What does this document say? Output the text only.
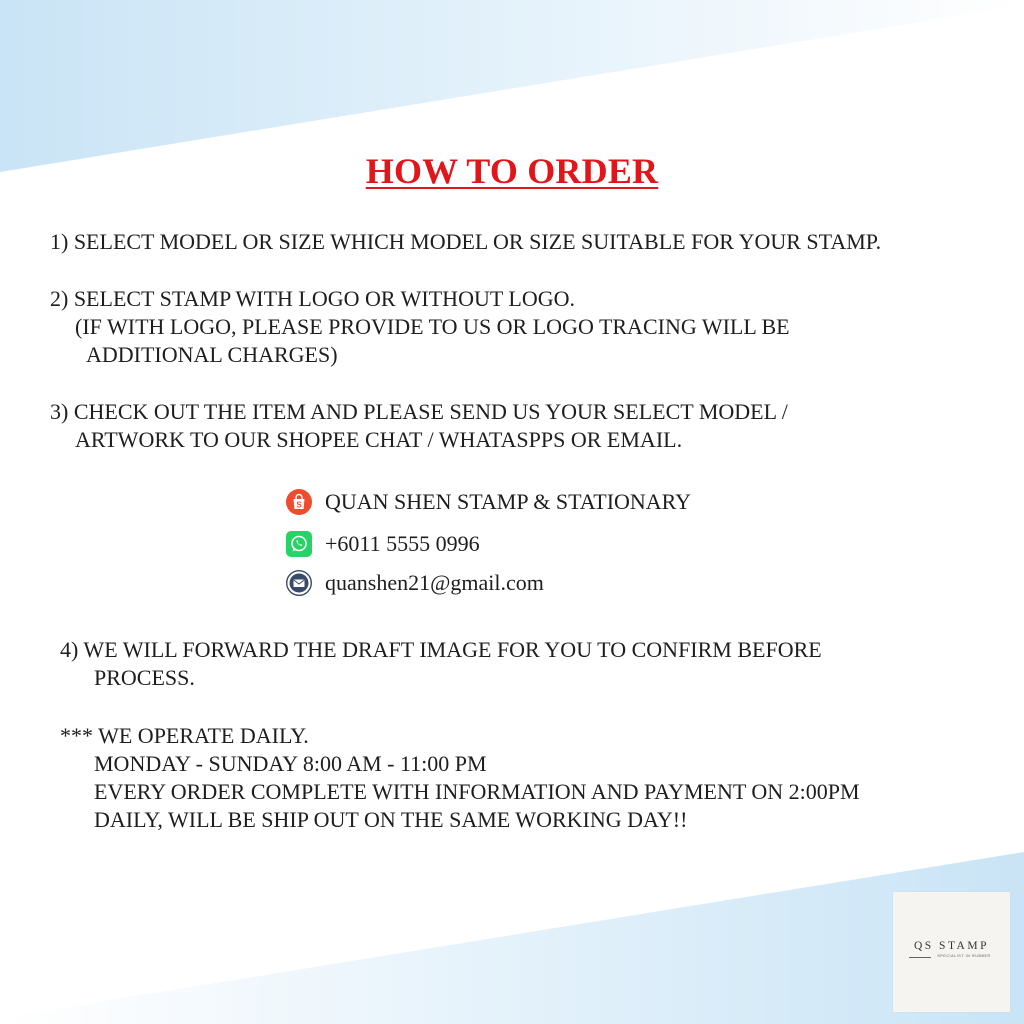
HOW TO ORDER
1) SELECT MODEL OR SIZE WHICH MODEL OR SIZE SUITABLE FOR YOUR STAMP.
2) SELECT STAMP WITH LOGO OR WITHOUT LOGO.
(IF WITH LOGO, PLEASE PROVIDE TO US OR LOGO TRACING WILL BE
ADDITIONAL CHARGES)
3) CHECK OUT THE ITEM AND PLEASE SEND US YOUR SELECT MODEL /
ARTWORK TO OUR SHOPEE CHAT / WHATASPPS OR EMAIL.
S QUAN SHEN STAMP & STATIONARY
+6011 5555 0996
quanshen21@gmail.com
4) WE WILL FORWARD THE DRAFT IMAGE FOR YOU TO CONFIRM BEFORE
PROCESS.
*** WE OPERATE DAILY.
MONDAY - SUNDAY 8:00 AM - 11:00 PM
EVERY ORDER COMPLETE WITH INFORMATION AND PAYMENT ON 2:00PM
DAILY, WILL BE SHIP OUT ON THE SAME WORKING DAY!!
QS STAMP
SPECIALIST IN RUBBER
